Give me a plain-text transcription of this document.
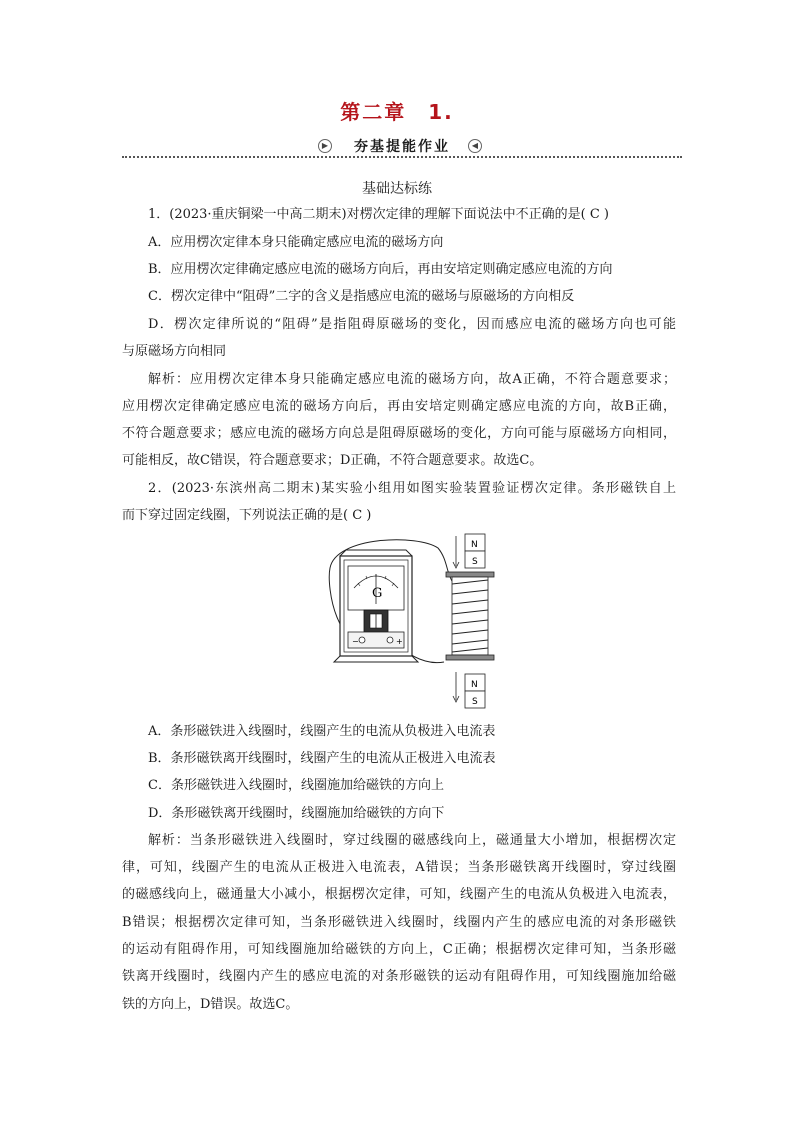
第二章　1.
▶	夯基提能作业	◀
基础达标练
1．(2023·重庆铜梁一中高二期末)对楞次定律的理解下面说法中不正确的是( C )
A．应用楞次定律本身只能确定感应电流的磁场方向
B．应用楞次定律确定感应电流的磁场方向后，再由安培定则确定感应电流的方向
C．楞次定律中“阻碍”二字的含义是指感应电流的磁场与原磁场的方向相反
D．楞次定律所说的“阻碍”是指阻碍原磁场的变化，因而感应电流的磁场方向也可能
与原磁场方向相同
解析：应用楞次定律本身只能确定感应电流的磁场方向，故A正确，不符合题意要求；
应用楞次定律确定感应电流的磁场方向后，再由安培定则确定感应电流的方向，故B正确，
不符合题意要求；感应电流的磁场方向总是阻碍原磁场的变化，方向可能与原磁场方向相同，
可能相反，故C错误，符合题意要求；D正确，不符合题意要求。故选C。
2．(2023·东滨州高二期末)某实验小组用如图实验装置验证楞次定律。条形磁铁自上
而下穿过固定线圈，下列说法正确的是( C )
G
−	+
N
S
N
S
A．条形磁铁进入线圈时，线圈产生的电流从负极进入电流表
B．条形磁铁离开线圈时，线圈产生的电流从正极进入电流表
C．条形磁铁进入线圈时，线圈施加给磁铁的方向上
D．条形磁铁离开线圈时，线圈施加给磁铁的方向下
解析：当条形磁铁进入线圈时，穿过线圈的磁感线向上，磁通量大小增加，根据楞次定
律，可知，线圈产生的电流从正极进入电流表，A错误；当条形磁铁离开线圈时，穿过线圈
的磁感线向上，磁通量大小减小，根据楞次定律，可知，线圈产生的电流从负极进入电流表，
B错误；根据楞次定律可知，当条形磁铁进入线圈时，线圈内产生的感应电流的对条形磁铁
的运动有阻碍作用，可知线圈施加给磁铁的方向上，C正确；根据楞次定律可知，当条形磁
铁离开线圈时，线圈内产生的感应电流的对条形磁铁的运动有阻碍作用，可知线圈施加给磁
铁的方向上，D错误。故选C。
